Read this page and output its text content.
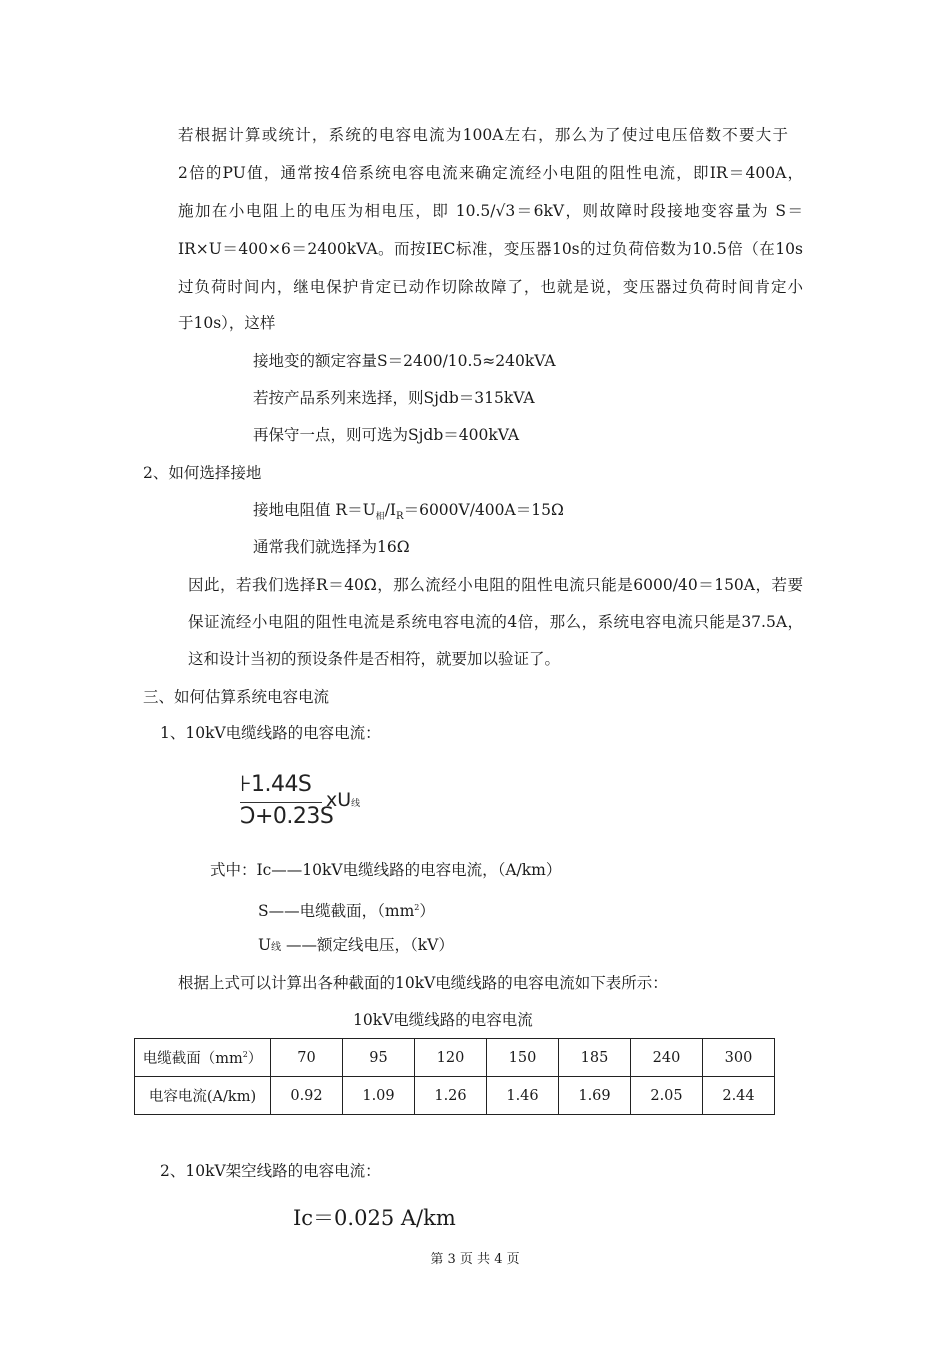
若根据计算或统计，系统的电容电流为100A左右，那么为了使过电压倍数不要大于
2倍的PU值，通常按4倍系统电容电流来确定流经小电阻的阻性电流，即IR＝400A，
施加在小电阻上的电压为相电压，即 10.5/√3＝6kV，则故障时段接地变容量为 S＝
IR×U＝400×6＝2400kVA。而按IEC标准，变压器10s的过负荷倍数为10.5倍（在10s
过负荷时间内，继电保护肯定已动作切除故障了，也就是说，变压器过负荷时间肯定小
于10s），这样
接地变的额定容量S＝2400/10.5≈240kVA
若按产品系列来选择，则Sjdb＝315kVA
再保守一点，则可选为Sjdb＝400kVA
2、如何选择接地
接地电阻值 $R=U_相/I_R=6000V/400A=15\Omega$
通常我们就选择为16Ω
因此，若我们选择R＝40Ω，那么流经小电阻的阻性电流只能是6000/40＝150A，若要
保证流经小电阻的阻性电流是系统电容电流的4倍，那么，系统电容电流只能是37.5A，
这和设计当初的预设条件是否相符，就要加以验证了。
三、如何估算系统电容电流
1、10kV电缆线路的电容电流：
⊦1.44S
Ͻ+0.23S
xU线
式中：Ic——10kV电缆线路的电容电流，（A/km）
S——电缆截面，$(mm^2)$
U线 ——额定线电压，（kV）
根据上式可以计算出各种截面的10kV电缆线路的电容电流如下表所示：
10kV电缆线路的电容电流
电缆截面$(mm^2)$	70	95	120	150	185	240	300
电容电流(A/km)	0.92	1.09	1.26	1.46	1.69	2.05	2.44
2、10kV架空线路的电容电流：
Ic＝0.025 A/km
第 3 页 共 4 页
